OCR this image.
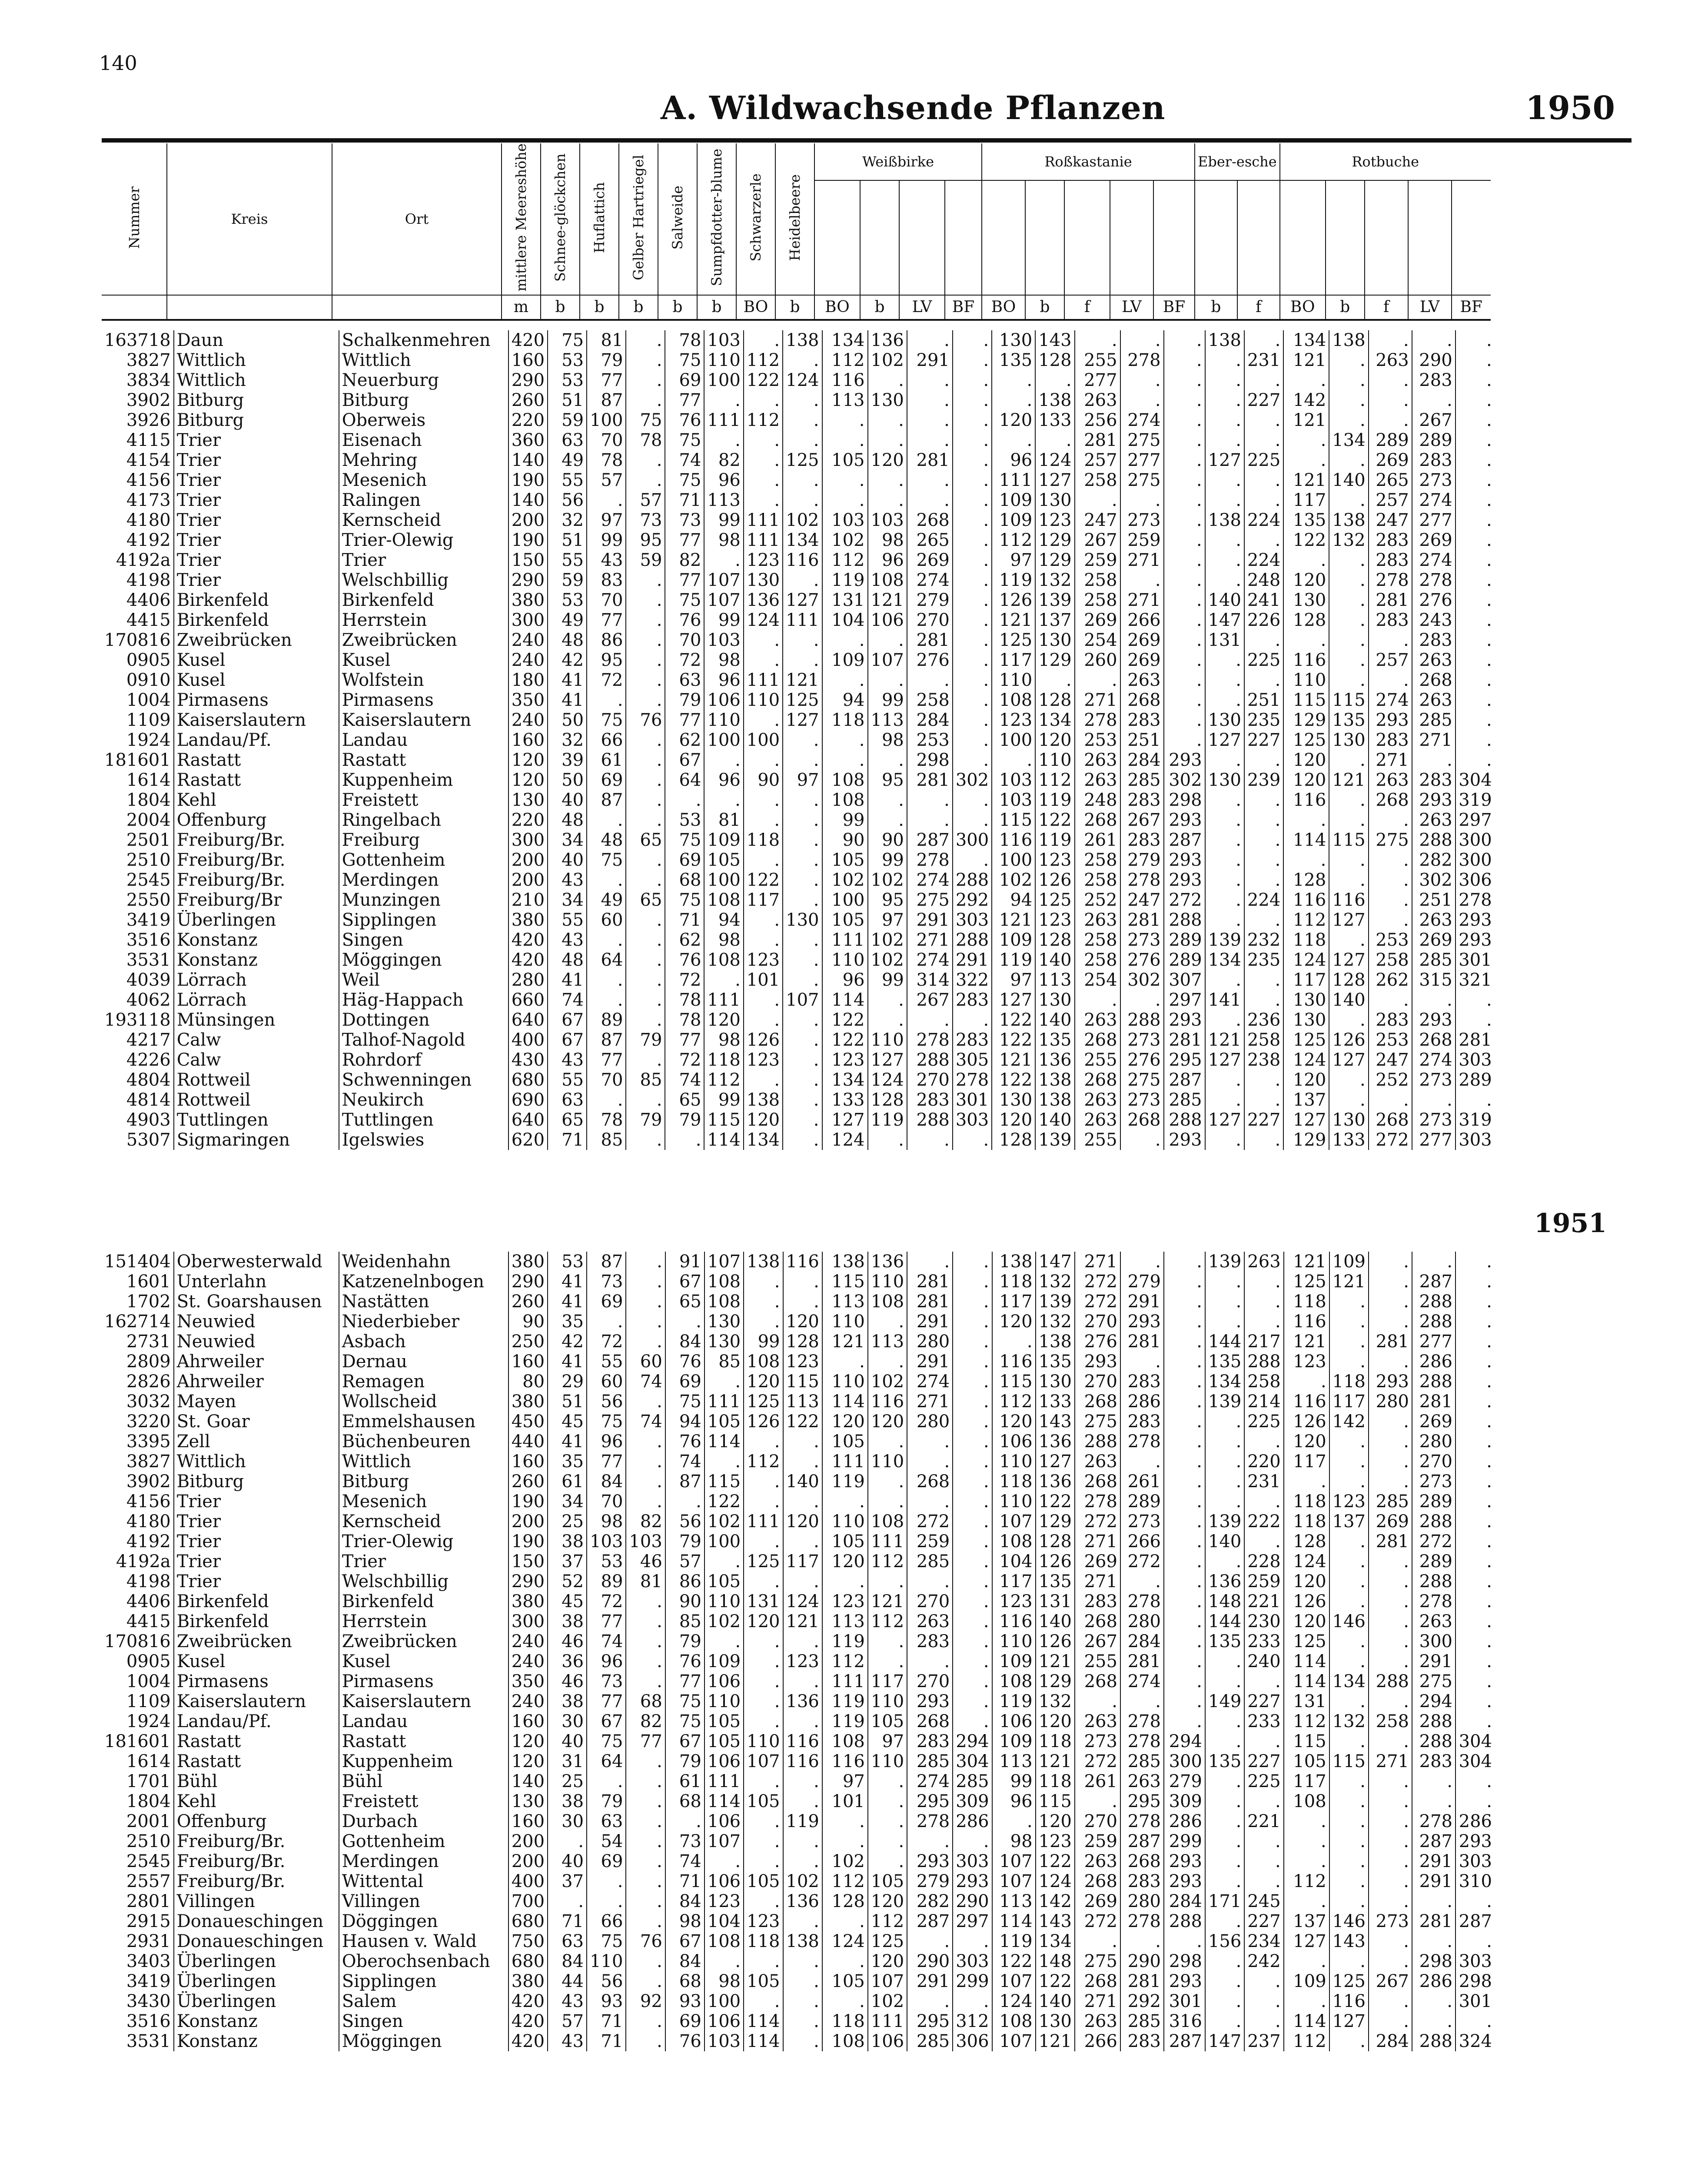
140
A. Wildwachsende Pflanzen	1950
Nummer	Kreis	Ort	mittlere Meereshöhe	Schnee-glöckchen	Huflattich	Gelber Hartriegel	Salweide	Sumpfdotter-blume	Schwarzerle	Heidelbeere	Weißbirke				Roßkastanie					Eber-esche		Rotbuche				

			m	b	b	b	b	b	BO	b	BO	b	LV	BF	BO	b	f	LV	BF	b	f	BO	b	f	LV	BF
163718	Daun	Schalkenmehren	420	75	81	.	78	103	.	138	134	136	.	.	130	143	.	.	.	138	.	134	138	.	.	.
3827	Wittlich	Wittlich	160	53	79	.	75	110	112	.	112	102	291	.	135	128	255	278	.	.	231	121	.	263	290	.
3834	Wittlich	Neuerburg	290	53	77	.	69	100	122	124	116	.	.	.	.	.	277	.	.	.	.	.	.	.	283	.
3902	Bitburg	Bitburg	260	51	87	.	77	.	.	.	113	130	.	.	.	138	263	.	.	.	227	142	.	.	.	.
3926	Bitburg	Oberweis	220	59	100	75	76	111	112	.	.	.	.	.	120	133	256	274	.	.	.	121	.	.	267	.
4115	Trier	Eisenach	360	63	70	78	75	.	.	.	.	.	.	.	.	.	281	275	.	.	.	.	134	289	289	.
4154	Trier	Mehring	140	49	78	.	74	82	.	125	105	120	281	.	96	124	257	277	.	127	225	.	.	269	283	.
4156	Trier	Mesenich	190	55	57	.	75	96	.	.	.	.	.	.	111	127	258	275	.	.	.	121	140	265	273	.
4173	Trier	Ralingen	140	56	.	57	71	113	.	.	.	.	.	.	109	130	.	.	.	.	.	117	.	257	274	.
4180	Trier	Kernscheid	200	32	97	73	73	99	111	102	103	103	268	.	109	123	247	273	.	138	224	135	138	247	277	.
4192	Trier	Trier-Olewig	190	51	99	95	77	98	111	134	102	98	265	.	112	129	267	259	.	.	.	122	132	283	269	.
4192a	Trier	Trier	150	55	43	59	82	.	123	116	112	96	269	.	97	129	259	271	.	.	224	.	.	283	274	.
4198	Trier	Welschbillig	290	59	83	.	77	107	130	.	119	108	274	.	119	132	258	.	.	.	248	120	.	278	278	.
4406	Birkenfeld	Birkenfeld	380	53	70	.	75	107	136	127	131	121	279	.	126	139	258	271	.	140	241	130	.	281	276	.
4415	Birkenfeld	Herrstein	300	49	77	.	76	99	124	111	104	106	270	.	121	137	269	266	.	147	226	128	.	283	243	.
170816	Zweibrücken	Zweibrücken	240	48	86	.	70	103	.	.	.	.	281	.	125	130	254	269	.	131	.	.	.	.	283	.
0905	Kusel	Kusel	240	42	95	.	72	98	.	.	109	107	276	.	117	129	260	269	.	.	225	116	.	257	263	.
0910	Kusel	Wolfstein	180	41	72	.	63	96	111	121	.	.	.	.	110	.	.	263	.	.	.	110	.	.	268	.
1004	Pirmasens	Pirmasens	350	41	.	.	79	106	110	125	94	99	258	.	108	128	271	268	.	.	251	115	115	274	263	.
1109	Kaiserslautern	Kaiserslautern	240	50	75	76	77	110	.	127	118	113	284	.	123	134	278	283	.	130	235	129	135	293	285	.
1924	Landau/Pf.	Landau	160	32	66	.	62	100	100	.	.	98	253	.	100	120	253	251	.	127	227	125	130	283	271	.
181601	Rastatt	Rastatt	120	39	61	.	67	.	.	.	.	.	298	.	.	110	263	284	293	.	.	120	.	271	.	.
1614	Rastatt	Kuppenheim	120	50	69	.	64	96	90	97	108	95	281	302	103	112	263	285	302	130	239	120	121	263	283	304
1804	Kehl	Freistett	130	40	87	.	.	.	.	.	108	.	.	.	103	119	248	283	298	.	.	116	.	268	293	319
2004	Offenburg	Ringelbach	220	48	.	.	53	81	.	.	99	.	.	.	115	122	268	267	293	.	.	.	.	.	263	297
2501	Freiburg/Br.	Freiburg	300	34	48	65	75	109	118	.	90	90	287	300	116	119	261	283	287	.	.	114	115	275	288	300
2510	Freiburg/Br.	Gottenheim	200	40	75	.	69	105	.	.	105	99	278	.	100	123	258	279	293	.	.	.	.	.	282	300
2545	Freiburg/Br.	Merdingen	200	43	.	.	68	100	122	.	102	102	274	288	102	126	258	278	293	.	.	128	.	.	302	306
2550	Freiburg/Br	Munzingen	210	34	49	65	75	108	117	.	100	95	275	292	94	125	252	247	272	.	224	116	116	.	251	278
3419	Überlingen	Sipplingen	380	55	60	.	71	94	.	130	105	97	291	303	121	123	263	281	288	.	.	112	127	.	263	293
3516	Konstanz	Singen	420	43	.	.	62	98	.	.	111	102	271	288	109	128	258	273	289	139	232	118	.	253	269	293
3531	Konstanz	Möggingen	420	48	64	.	76	108	123	.	110	102	274	291	119	140	258	276	289	134	235	124	127	258	285	301
4039	Lörrach	Weil	280	41	.	.	72	.	101	.	96	99	314	322	97	113	254	302	307	.	.	117	128	262	315	321
4062	Lörrach	Häg-Happach	660	74	.	.	78	111	.	107	114	.	267	283	127	130	.	.	297	141	.	130	140	.	.	.
193118	Münsingen	Dottingen	640	67	89	.	78	120	.	.	122	.	.	.	122	140	263	288	293	.	236	130	.	283	293	.
4217	Calw	Talhof-Nagold	400	67	87	79	77	98	126	.	122	110	278	283	122	135	268	273	281	121	258	125	126	253	268	281
4226	Calw	Rohrdorf	430	43	77	.	72	118	123	.	123	127	288	305	121	136	255	276	295	127	238	124	127	247	274	303
4804	Rottweil	Schwenningen	680	55	70	85	74	112	.	.	134	124	270	278	122	138	268	275	287	.	.	120	.	252	273	289
4814	Rottweil	Neukirch	690	63	.	.	65	99	138	.	133	128	283	301	130	138	263	273	285	.	.	137	.	.	.	.
4903	Tuttlingen	Tuttlingen	640	65	78	79	79	115	120	.	127	119	288	303	120	140	263	268	288	127	227	127	130	268	273	319
5307	Sigmaringen	Igelswies	620	71	85	.	.	114	134	.	124	.	.	.	128	139	255	.	293	.	.	129	133	272	277	303
1951
151404	Oberwesterwald	Weidenhahn	380	53	87	.	91	107	138	116	138	136	.	.	138	147	271	.	.	139	263	121	109	.	.	.
1601	Unterlahn	Katzenelnbogen	290	41	73	.	67	108	.	.	115	110	281	.	118	132	272	279	.	.	.	125	121	.	287	.
1702	St. Goarshausen	Nastätten	260	41	69	.	65	108	.	.	113	108	281	.	117	139	272	291	.	.	.	118	.	.	288	.
162714	Neuwied	Niederbieber	90	35	.	.	.	130	.	120	110	.	291	.	120	132	270	293	.	.	.	116	.	.	288	.
2731	Neuwied	Asbach	250	42	72	.	84	130	99	128	121	113	280	.	.	138	276	281	.	144	217	121	.	281	277	.
2809	Ahrweiler	Dernau	160	41	55	60	76	85	108	123	.	.	291	.	116	135	293	.	.	135	288	123	.	.	286	.
2826	Ahrweiler	Remagen	80	29	60	74	69	.	120	115	110	102	274	.	115	130	270	283	.	134	258	.	118	293	288	.
3032	Mayen	Wollscheid	380	51	56	.	75	111	125	113	114	116	271	.	112	133	268	286	.	139	214	116	117	280	281	.
3220	St. Goar	Emmelshausen	450	45	75	74	94	105	126	122	120	120	280	.	120	143	275	283	.	.	225	126	142	.	269	.
3395	Zell	Büchenbeuren	440	41	96	.	76	114	.	.	105	.	.	.	106	136	288	278	.	.	.	120	.	.	280	.
3827	Wittlich	Wittlich	160	35	77	.	74	.	112	.	111	110	.	.	110	127	263	.	.	.	220	117	.	.	270	.
3902	Bitburg	Bitburg	260	61	84	.	87	115	.	140	119	.	268	.	118	136	268	261	.	.	231	.	.	.	273	.
4156	Trier	Mesenich	190	34	70	.	.	122	.	.	.	.	.	.	110	122	278	289	.	.	.	118	123	285	289	.
4180	Trier	Kernscheid	200	25	98	82	56	102	111	120	110	108	272	.	107	129	272	273	.	139	222	118	137	269	288	.
4192	Trier	Trier-Olewig	190	38	103	103	79	100	.	.	105	111	259	.	108	128	271	266	.	140	.	128	.	281	272	.
4192a	Trier	Trier	150	37	53	46	57	.	125	117	120	112	285	.	104	126	269	272	.	.	228	124	.	.	289	.
4198	Trier	Welschbillig	290	52	89	81	86	105	.	.	.	.	.	.	117	135	271	.	.	136	259	120	.	.	288	.
4406	Birkenfeld	Birkenfeld	380	45	72	.	90	110	131	124	123	121	270	.	123	131	283	278	.	148	221	126	.	.	278	.
4415	Birkenfeld	Herrstein	300	38	77	.	85	102	120	121	113	112	263	.	116	140	268	280	.	144	230	120	146	.	263	.
170816	Zweibrücken	Zweibrücken	240	46	74	.	79	.	.	.	119	.	283	.	110	126	267	284	.	135	233	125	.	.	300	.
0905	Kusel	Kusel	240	36	96	.	76	109	.	123	112	.	.	.	109	121	255	281	.	.	240	114	.	.	291	.
1004	Pirmasens	Pirmasens	350	46	73	.	77	106	.	.	111	117	270	.	108	129	268	274	.	.	.	114	134	288	275	.
1109	Kaiserslautern	Kaiserslautern	240	38	77	68	75	110	.	136	119	110	293	.	119	132	.	.	.	149	227	131	.	.	294	.
1924	Landau/Pf.	Landau	160	30	67	82	75	105	.	.	119	105	268	.	106	120	263	278	.	.	233	112	132	258	288	.
181601	Rastatt	Rastatt	120	40	75	77	67	105	110	116	108	97	283	294	109	118	273	278	294	.	.	115	.	.	288	304
1614	Rastatt	Kuppenheim	120	31	64	.	79	106	107	116	116	110	285	304	113	121	272	285	300	135	227	105	115	271	283	304
1701	Bühl	Bühl	140	25	.	.	61	111	.	.	97	.	274	285	99	118	261	263	279	.	225	117	.	.	.	.
1804	Kehl	Freistett	130	38	79	.	68	114	105	.	101	.	295	309	96	115	.	295	309	.	.	108	.	.	.	.
2001	Offenburg	Durbach	160	30	63	.	.	106	.	119	.	.	278	286	.	120	270	278	286	.	221	.	.	.	278	286
2510	Freiburg/Br.	Gottenheim	200	.	54	.	73	107	.	.	.	.	.	.	98	123	259	287	299	.	.	.	.	.	287	293
2545	Freiburg/Br.	Merdingen	200	40	69	.	74	.	.	.	102	.	293	303	107	122	263	268	293	.	.	.	.	.	291	303
2557	Freiburg/Br.	Wittental	400	37	.	.	71	106	105	102	112	105	279	293	107	124	268	283	293	.	.	112	.	.	291	310
2801	Villingen	Villingen	700	.	.	.	84	123	.	136	128	120	282	290	113	142	269	280	284	171	245	.	.	.	.	.
2915	Donaueschingen	Döggingen	680	71	66	.	98	104	123	.	.	112	287	297	114	143	272	278	288	.	227	137	146	273	281	287
2931	Donaueschingen	Hausen v. Wald	750	63	75	76	67	108	118	138	124	125	.	.	119	134	.	.	.	156	234	127	143	.	.	.
3403	Überlingen	Oberochsenbach	680	84	110	.	84	.	.	.	.	120	290	303	122	148	275	290	298	.	242	.	.	.	298	303
3419	Überlingen	Sipplingen	380	44	56	.	68	98	105	.	105	107	291	299	107	122	268	281	293	.	.	109	125	267	286	298
3430	Überlingen	Salem	420	43	93	92	93	100	.	.	.	102	.	.	124	140	271	292	301	.	.	.	116	.	.	301
3516	Konstanz	Singen	420	57	71	.	69	106	114	.	118	111	295	312	108	130	263	285	316	.	.	114	127	.	.	.
3531	Konstanz	Möggingen	420	43	71	.	76	103	114	.	108	106	285	306	107	121	266	283	287	147	237	112	.	284	288	324
